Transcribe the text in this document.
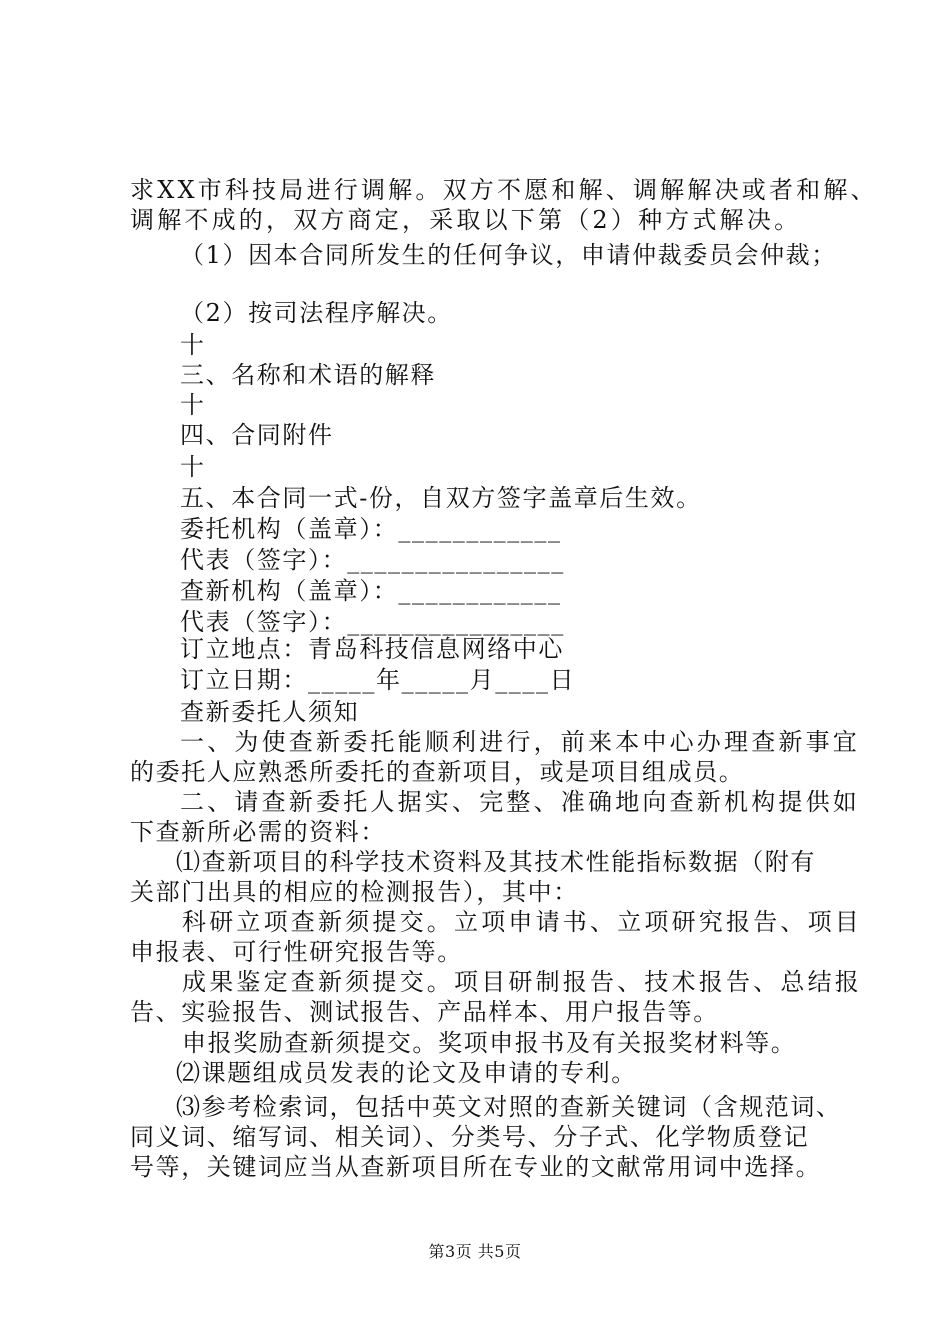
求XX市科技局进行调解。双方不愿和解、调解解决或者和解、
调解不成的，双方商定，采取以下第（2）种方式解决。
（1）因本合同所发生的任何争议，申请仲裁委员会仲裁；
（2）按司法程序解决。
十
三、名称和术语的解释
十
四、合同附件
十
五、本合同一式-份，自双方签字盖章后生效。
委托机构（盖章）：____________
代表（签字）：________________
查新机构（盖章）：____________
代表（签字）：________________
订立地点：青岛科技信息网络中心
订立日期：_____年_____月____日
查新委托人须知
一、为使查新委托能顺利进行，前来本中心办理查新事宜
的委托人应熟悉所委托的查新项目，或是项目组成员。
二、请查新委托人据实、完整、准确地向查新机构提供如
下查新所必需的资料：
⑴查新项目的科学技术资料及其技术性能指标数据（附有
关部门出具的相应的检测报告），其中：
科研立项查新须提交。立项申请书、立项研究报告、项目
申报表、可行性研究报告等。
成果鉴定查新须提交。项目研制报告、技术报告、总结报
告、实验报告、测试报告、产品样本、用户报告等。
申报奖励查新须提交。奖项申报书及有关报奖材料等。
⑵课题组成员发表的论文及申请的专利。
⑶参考检索词，包括中英文对照的查新关键词（含规范词、
同义词、缩写词、相关词）、分类号、分子式、化学物质登记
号等，关键词应当从查新项目所在专业的文献常用词中选择。
第3页 共5页
